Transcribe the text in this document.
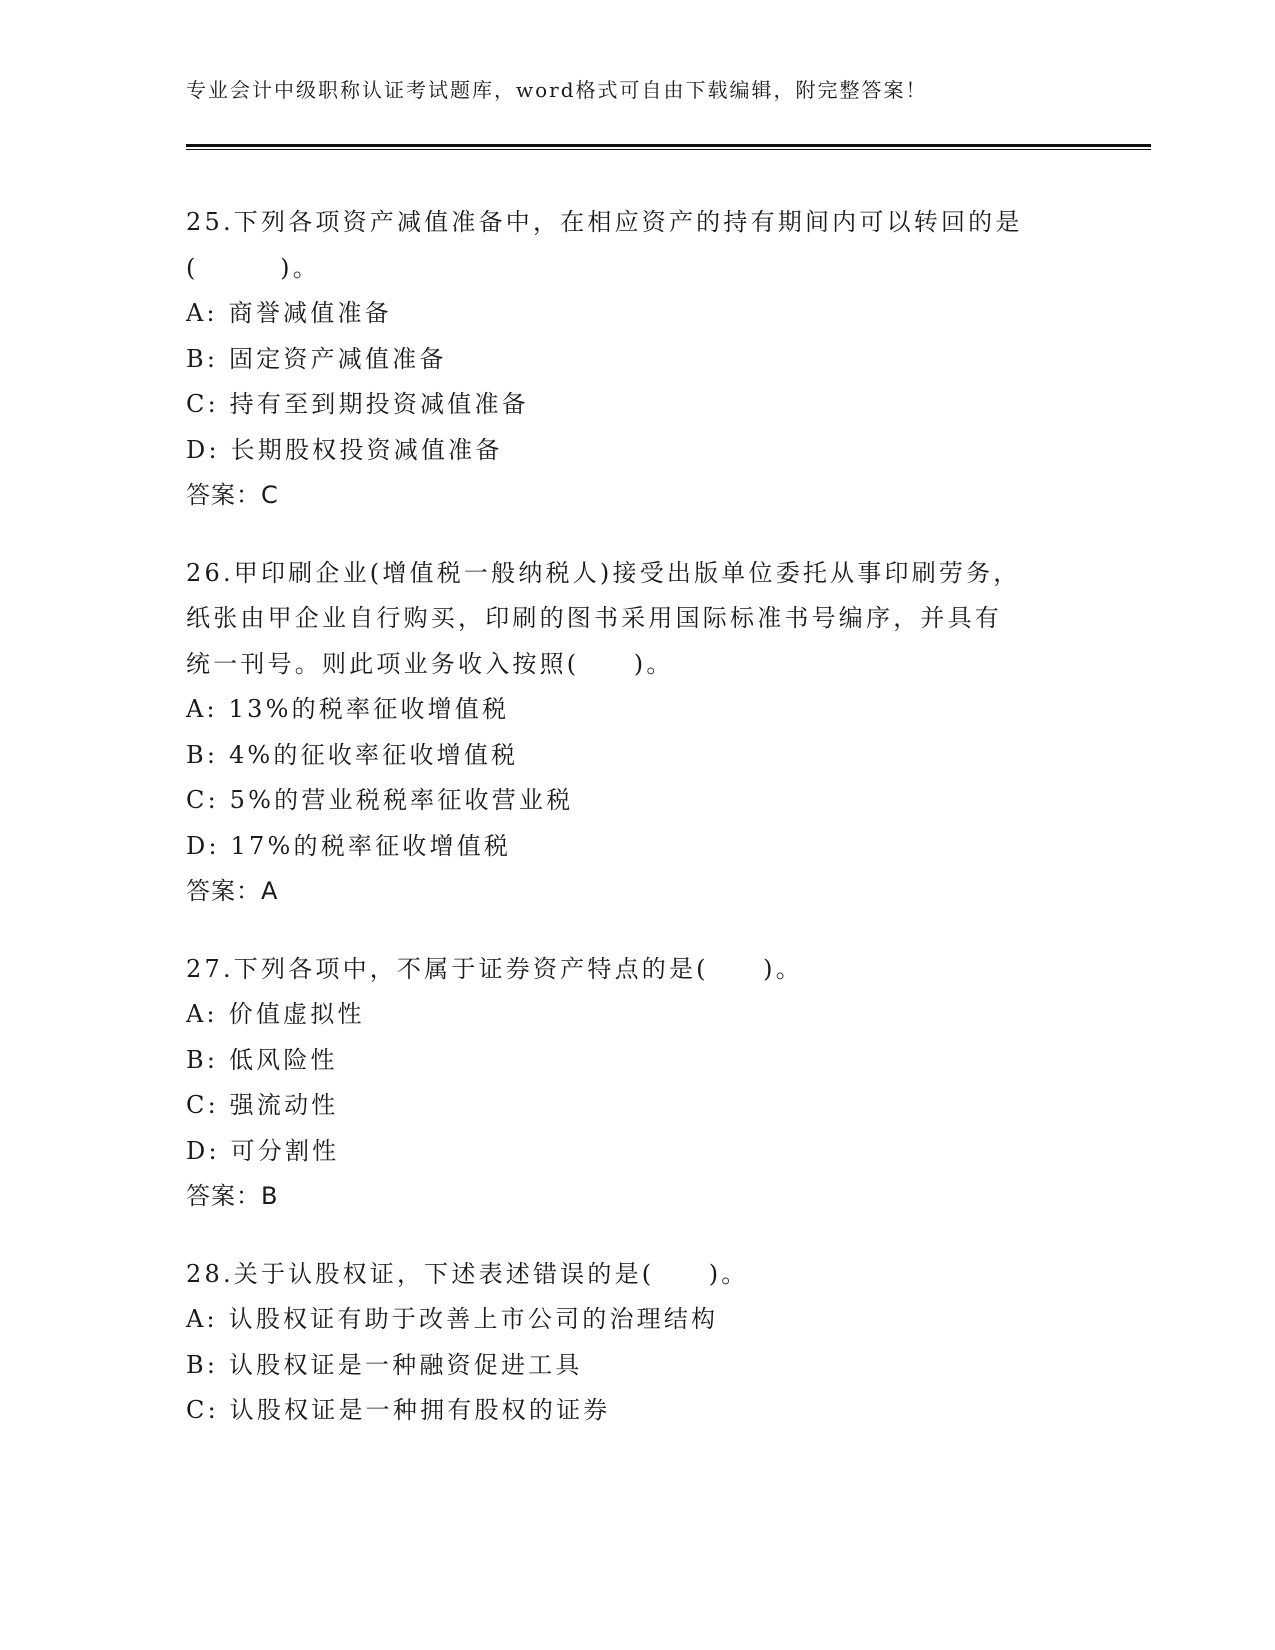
专业会计中级职称认证考试题库，word格式可自由下载编辑，附完整答案！
25.下列各项资产减值准备中，在相应资产的持有期间内可以转回的是
(　　　)。
A: 商誉减值准备
B: 固定资产减值准备
C: 持有至到期投资减值准备
D: 长期股权投资减值准备
答案：C
26.甲印刷企业(增值税一般纳税人)接受出版单位委托从事印刷劳务，
纸张由甲企业自行购买，印刷的图书采用国际标准书号编序，并具有
统一刊号。则此项业务收入按照(　　)。
A: 13%的税率征收增值税
B: 4%的征收率征收增值税
C: 5%的营业税税率征收营业税
D: 17%的税率征收增值税
答案：A
27.下列各项中，不属于证券资产特点的是(　　)。
A: 价值虚拟性
B: 低风险性
C: 强流动性
D: 可分割性
答案：B
28.关于认股权证，下述表述错误的是(　　)。
A: 认股权证有助于改善上市公司的治理结构
B: 认股权证是一种融资促进工具
C: 认股权证是一种拥有股权的证券
